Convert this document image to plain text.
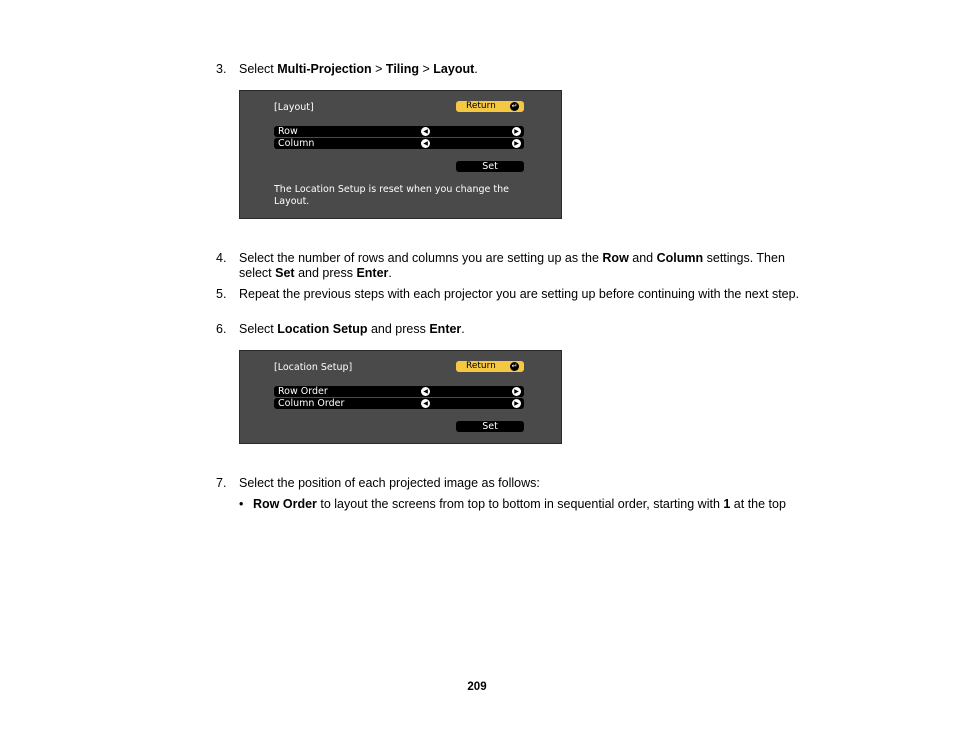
3. Select Multi-Projection > Tiling > Layout.
[Layout]	Return ↵
Row	◀	▶
Column	◀	▶
Set
The Location Setup is reset when you change the Layout.
4. Select the number of rows and columns you are setting up as the Row and Column settings. Then select Set and press Enter.
5. Repeat the previous steps with each projector you are setting up before continuing with the next step.
6. Select Location Setup and press Enter.
[Location Setup]	Return ↵
Row Order	◀	▶
Column Order	◀	▶
Set
7. Select the position of each projected image as follows:
• Row Order to layout the screens from top to bottom in sequential order, starting with 1 at the top
209
